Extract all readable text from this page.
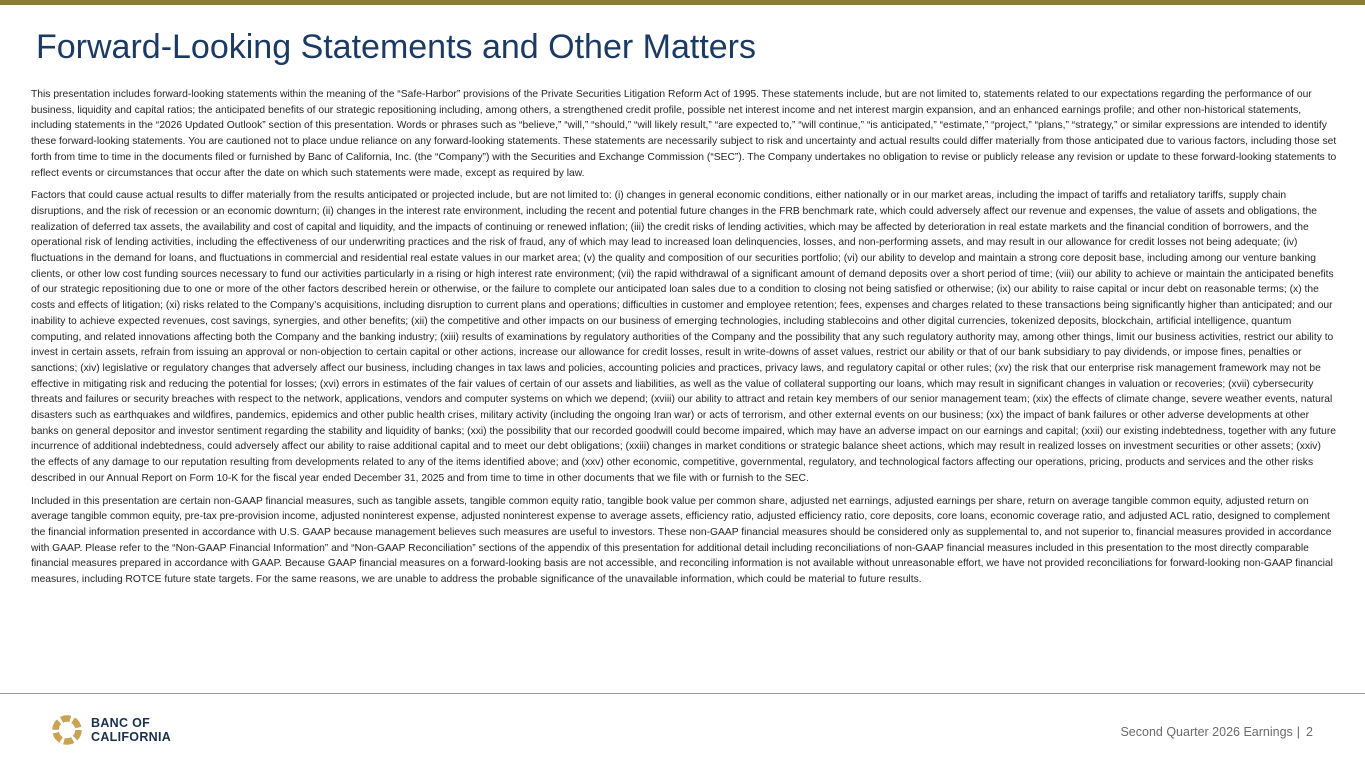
Forward-Looking Statements and Other Matters

This presentation includes forward-looking statements within the meaning of the “Safe-Harbor” provisions of the Private Securities Litigation Reform Act of 1995. These statements include, but are not limited to, statements related to our expectations regarding the performance of our business, liquidity and capital ratios; the anticipated benefits of our strategic repositioning including, among others, a strengthened credit profile, possible net interest income and net interest margin expansion, and an enhanced earnings profile; and other non-historical statements, including statements in the “2026 Updated Outlook” section of this presentation. Words or phrases such as “believe,” “will,” “should,” “will likely result,” “are expected to,” “will continue,” “is anticipated,” “estimate,” “project,” “plans,” “strategy,” or similar expressions are intended to identify these forward-looking statements. You are cautioned not to place undue reliance on any forward-looking statements. These statements are necessarily subject to risk and uncertainty and actual results could differ materially from those anticipated due to various factors, including those set forth from time to time in the documents filed or furnished by Banc of California, Inc. (the “Company”) with the Securities and Exchange Commission (“SEC”). The Company undertakes no obligation to revise or publicly release any revision or update to these forward-looking statements to reflect events or circumstances that occur after the date on which such statements were made, except as required by law.

Factors that could cause actual results to differ materially from the results anticipated or projected include, but are not limited to: (i) changes in general economic conditions, either nationally or in our market areas, including the impact of tariffs and retaliatory tariffs, supply chain disruptions, and the risk of recession or an economic downturn; (ii) changes in the interest rate environment, including the recent and potential future changes in the FRB benchmark rate, which could adversely affect our revenue and expenses, the value of assets and obligations, the realization of deferred tax assets, the availability and cost of capital and liquidity, and the impacts of continuing or renewed inflation; (iii) the credit risks of lending activities, which may be affected by deterioration in real estate markets and the financial condition of borrowers, and the operational risk of lending activities, including the effectiveness of our underwriting practices and the risk of fraud, any of which may lead to increased loan delinquencies, losses, and non-performing assets, and may result in our allowance for credit losses not being adequate; (iv) fluctuations in the demand for loans, and fluctuations in commercial and residential real estate values in our market area; (v) the quality and composition of our securities portfolio; (vi) our ability to develop and maintain a strong core deposit base, including among our venture banking clients, or other low cost funding sources necessary to fund our activities particularly in a rising or high interest rate environment; (vii) the rapid withdrawal of a significant amount of demand deposits over a short period of time; (viii) our ability to achieve or maintain the anticipated benefits of our strategic repositioning due to one or more of the other factors described herein or otherwise, or the failure to complete our anticipated loan sales due to a condition to closing not being satisfied or otherwise; (ix) our ability to raise capital or incur debt on reasonable terms; (x) the costs and effects of litigation; (xi) risks related to the Company’s acquisitions, including disruption to current plans and operations; difficulties in customer and employee retention; fees, expenses and charges related to these transactions being significantly higher than anticipated; and our inability to achieve expected revenues, cost savings, synergies, and other benefits; (xii) the competitive and other impacts on our business of emerging technologies, including stablecoins and other digital currencies, tokenized deposits, blockchain, artificial intelligence, quantum computing, and related innovations affecting both the Company and the banking industry; (xiii) results of examinations by regulatory authorities of the Company and the possibility that any such regulatory authority may, among other things, limit our business activities, restrict our ability to invest in certain assets, refrain from issuing an approval or non-objection to certain capital or other actions, increase our allowance for credit losses, result in write-downs of asset values, restrict our ability or that of our bank subsidiary to pay dividends, or impose fines, penalties or sanctions; (xiv) legislative or regulatory changes that adversely affect our business, including changes in tax laws and policies, accounting policies and practices, privacy laws, and regulatory capital or other rules; (xv) the risk that our enterprise risk management framework may not be effective in mitigating risk and reducing the potential for losses; (xvi) errors in estimates of the fair values of certain of our assets and liabilities, as well as the value of collateral supporting our loans, which may result in significant changes in valuation or recoveries; (xvii) cybersecurity threats and failures or security breaches with respect to the network, applications, vendors and computer systems on which we depend; (xviii) our ability to attract and retain key members of our senior management team; (xix) the effects of climate change, severe weather events, natural disasters such as earthquakes and wildfires, pandemics, epidemics and other public health crises, military activity (including the ongoing Iran war) or acts of terrorism, and other external events on our business; (xx) the impact of bank failures or other adverse developments at other banks on general depositor and investor sentiment regarding the stability and liquidity of banks; (xxi) the possibility that our recorded goodwill could become impaired, which may have an adverse impact on our earnings and capital; (xxii) our existing indebtedness, together with any future incurrence of additional indebtedness, could adversely affect our ability to raise additional capital and to meet our debt obligations; (xxiii) changes in market conditions or strategic balance sheet actions, which may result in realized losses on investment securities or other assets; (xxiv) the effects of any damage to our reputation resulting from developments related to any of the items identified above; and (xxv) other economic, competitive, governmental, regulatory, and technological factors affecting our operations, pricing, products and services and the other risks described in our Annual Report on Form 10-K for the fiscal year ended December 31, 2025 and from time to time in other documents that we file with or furnish to the SEC.

Included in this presentation are certain non-GAAP financial measures, such as tangible assets, tangible common equity ratio, tangible book value per common share, adjusted net earnings, adjusted earnings per share, return on average tangible common equity, adjusted return on average tangible common equity, pre-tax pre-provision income, adjusted noninterest expense, adjusted noninterest expense to average assets, efficiency ratio, adjusted efficiency ratio, core deposits, core loans, economic coverage ratio, and adjusted ACL ratio, designed to complement the financial information presented in accordance with U.S. GAAP because management believes such measures are useful to investors. These non-GAAP financial measures should be considered only as supplemental to, and not superior to, financial measures provided in accordance with GAAP. Please refer to the “Non-GAAP Financial Information” and “Non-GAAP Reconciliation” sections of the appendix of this presentation for additional detail including reconciliations of non-GAAP financial measures included in this presentation to the most directly comparable financial measures prepared in accordance with GAAP. Because GAAP financial measures on a forward-looking basis are not accessible, and reconciling information is not available without unreasonable effort, we have not provided reconciliations for forward-looking non-GAAP financial measures, including ROTCE future state targets. For the same reasons, we are unable to address the probable significance of the unavailable information, which could be material to future results.

BANC OF
CALIFORNIA	Second Quarter 2026 Earnings | 2
